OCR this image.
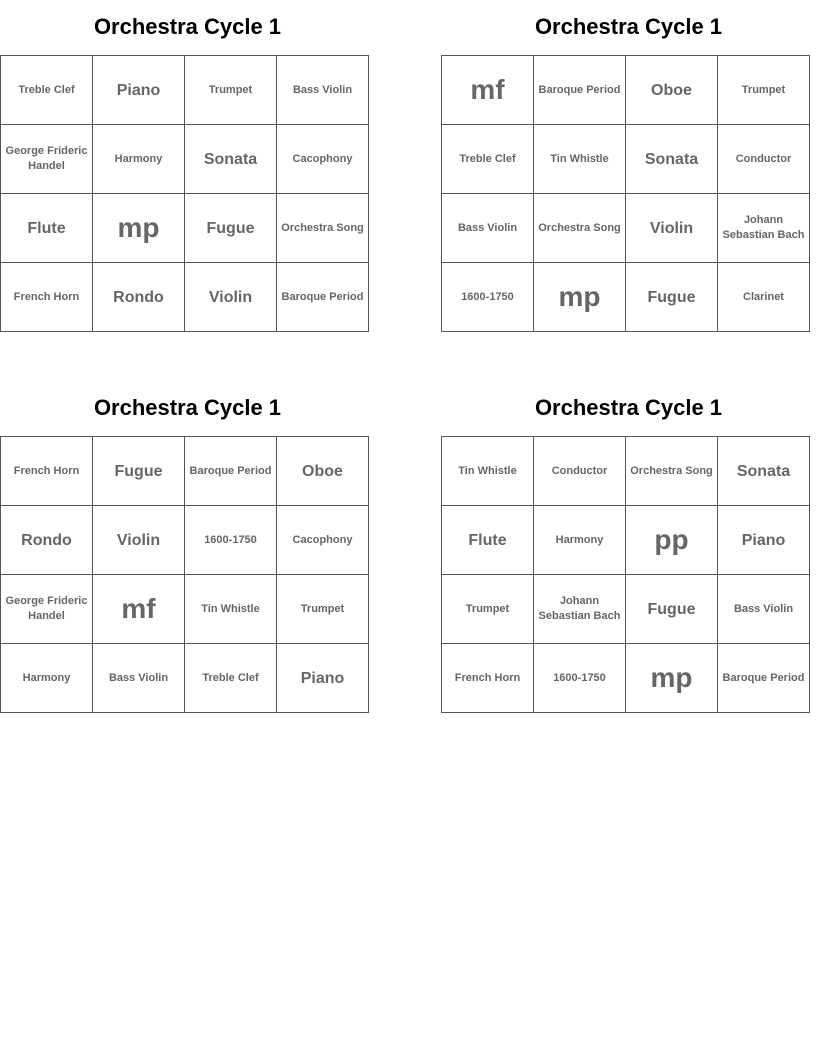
Orchestra Cycle 1
Treble Clef	Piano	Trumpet	Bass Violin
George Frideric Handel	Harmony	Sonata	Cacophony
Flute	mp	Fugue	Orchestra Song
French Horn	Rondo	Violin	Baroque Period
Orchestra Cycle 1
mf	Baroque Period	Oboe	Trumpet
Treble Clef	Tin Whistle	Sonata	Conductor
Bass Violin	Orchestra Song	Violin	Johann Sebastian Bach
1600-1750	mp	Fugue	Clarinet
Orchestra Cycle 1
French Horn	Fugue	Baroque Period	Oboe
Rondo	Violin	1600-1750	Cacophony
George Frideric Handel	mf	Tin Whistle	Trumpet
Harmony	Bass Violin	Treble Clef	Piano
Orchestra Cycle 1
Tin Whistle	Conductor	Orchestra Song	Sonata
Flute	Harmony	pp	Piano
Trumpet	Johann Sebastian Bach	Fugue	Bass Violin
French Horn	1600-1750	mp	Baroque Period
